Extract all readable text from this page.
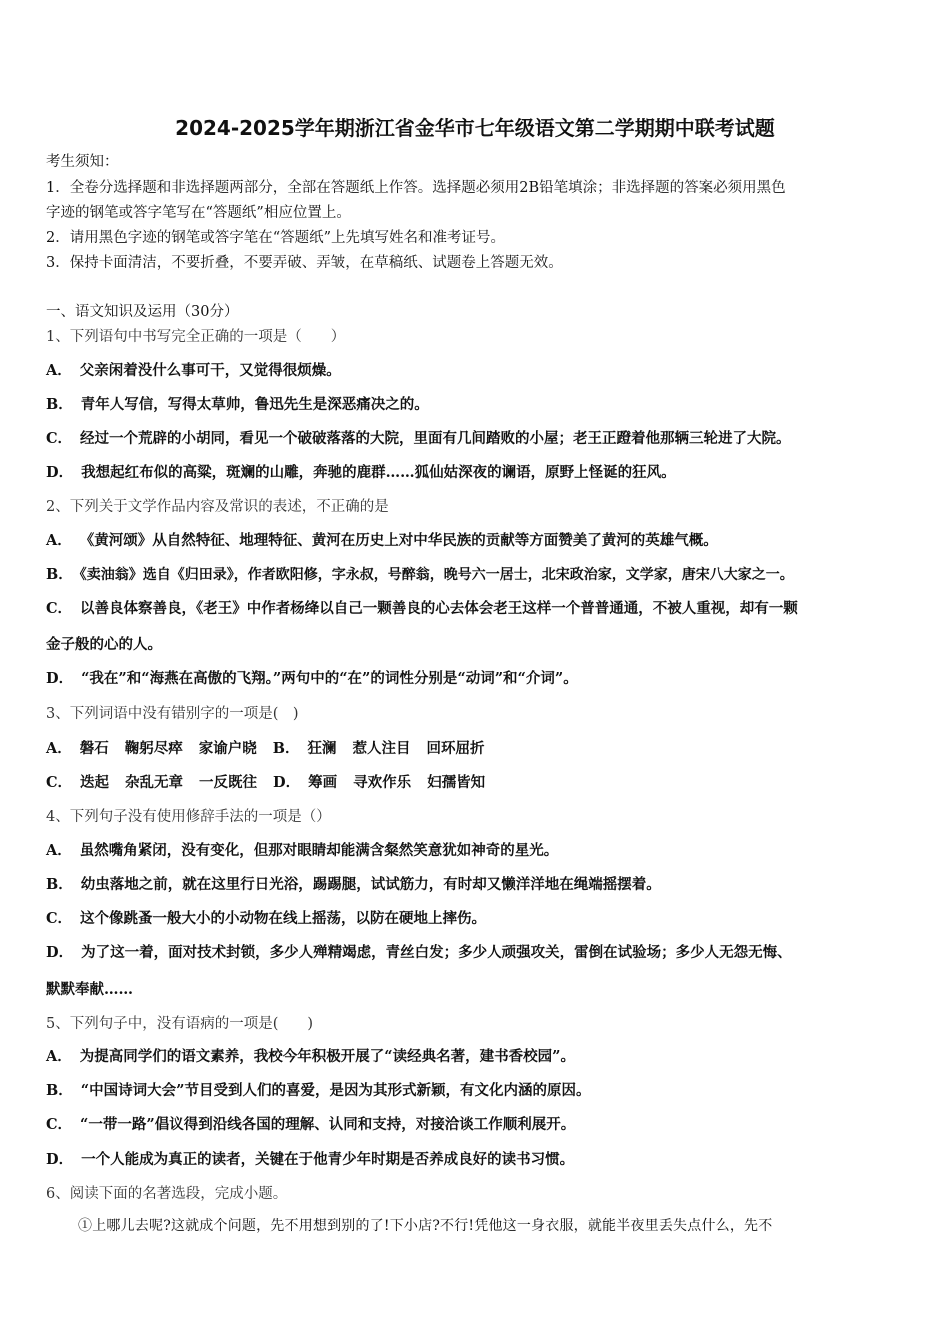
2024-2025学年期浙江省金华市七年级语文第二学期期中联考试题
考生须知：
1．全卷分选择题和非选择题两部分，全部在答题纸上作答。选择题必须用2B铅笔填涂；非选择题的答案必须用黑色
字迹的钢笔或答字笔写在“答题纸”相应位置上。
2．请用黑色字迹的钢笔或答字笔在“答题纸”上先填写姓名和准考证号。
3．保持卡面清洁，不要折叠，不要弄破、弄皱，在草稿纸、试题卷上答题无效。
一、语文知识及运用（30分）
1、下列语句中书写完全正确的一项是（　　）
A． 父亲闲着没什么事可干，又觉得很烦燥。
B． 青年人写信，写得太草帅，鲁迅先生是深恶痛决之的。
C． 经过一个荒辟的小胡同，看见一个破破落落的大院，里面有几间踏败的小屋；老王正蹬着他那辆三轮进了大院。
D． 我想起红布似的高粱，斑斓的山雕，奔驰的鹿群……狐仙姑深夜的谰语，原野上怪诞的狂风。
2、下列关于文学作品内容及常识的表述，不正确的是
A． 《黄河颂》从自然特征、地理特征、黄河在历史上对中华民族的贡献等方面赞美了黄河的英雄气概。
B．《卖油翁》选自《归田录》，作者欧阳修，字永叔，号醉翁，晚号六一居士，北宋政治家，文学家，唐宋八大家之一。
C． 以善良体察善良，《老王》中作者杨绛以自己一颗善良的心去体会老王这样一个普普通通，不被人重视，却有一颗
金子般的心的人。
D． “我在”和“海燕在高傲的飞翔。”两句中的“在”的词性分别是“动词”和“介词”。
3、下列词语中没有错别字的一项是(　)
A． 磐石 鞠躬尽瘁 家谕户晓 B． 狂澜 惹人注目 回环屈折
C． 迭起 杂乱无章 一反既往 D． 筹画 寻欢作乐 妇孺皆知
4、下列句子没有使用修辞手法的一项是（）
A． 虽然嘴角紧闭，没有变化，但那对眼睛却能满含粲然笑意犹如神奇的星光。
B． 幼虫落地之前，就在这里行日光浴，踢踢腿，试试筋力，有时却又懒洋洋地在绳端摇摆着。
C． 这个像跳蚤一般大小的小动物在线上摇荡，以防在硬地上摔伤。
D． 为了这一着，面对技术封锁，多少人殚精竭虑，青丝白发；多少人顽强攻关，雷倒在试验场；多少人无怨无悔、
默默奉献……
5、下列句子中，没有语病的一项是(　　)
A． 为提高同学们的语文素养，我校今年积极开展了“读经典名著，建书香校园”。
B． “中国诗词大会”节目受到人们的喜爱，是因为其形式新颖，有文化内涵的原因。
C． “一带一路”倡议得到沿线各国的理解、认同和支持，对接洽谈工作顺利展开。
D． 一个人能成为真正的读者，关键在于他青少年时期是否养成良好的读书习惯。
6、阅读下面的名著选段，完成小题。
①上哪儿去呢?这就成个问题，先不用想到别的了!下小店?不行!凭他这一身衣服，就能半夜里丢失点什么，先不
